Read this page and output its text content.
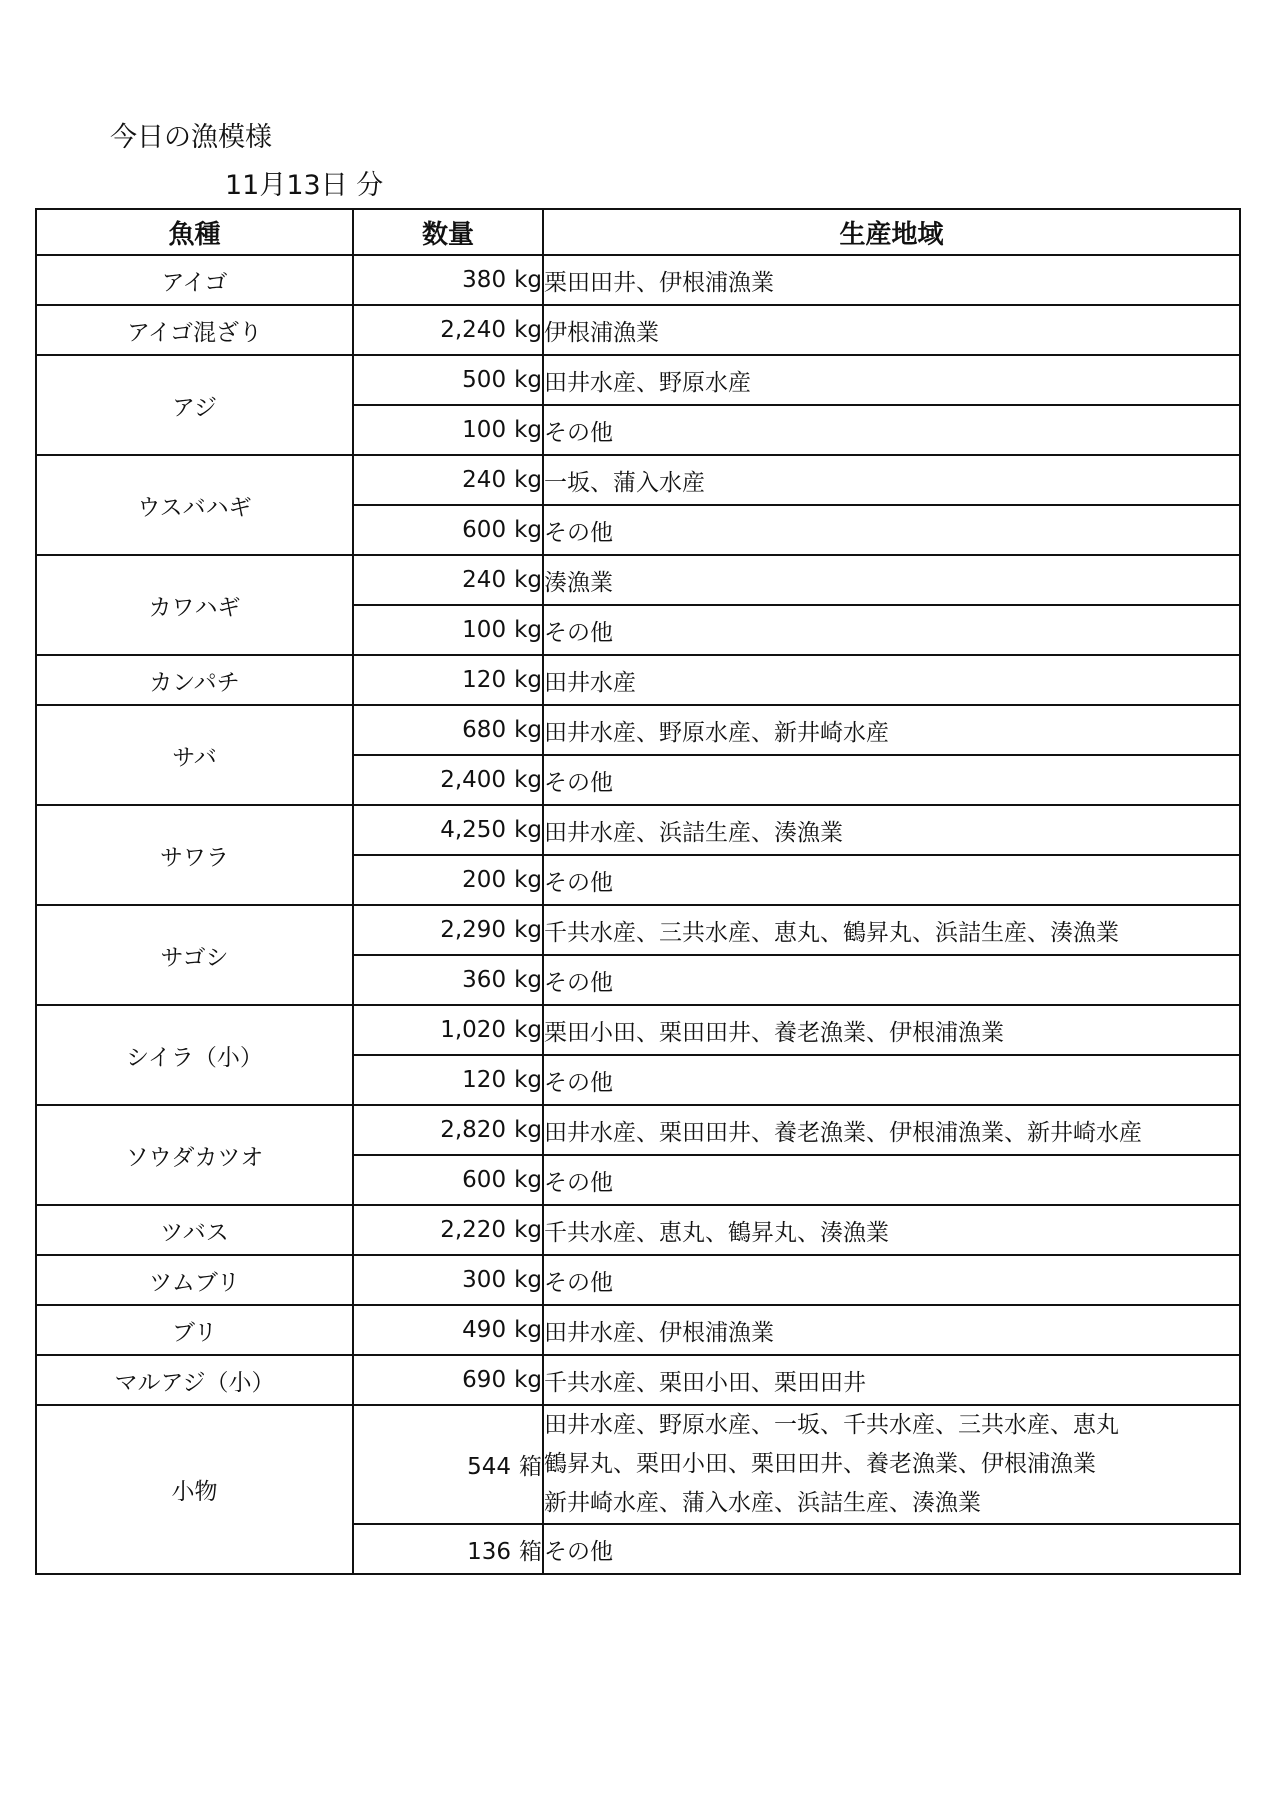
今日の漁模様
11月13日 分
魚種	数量	生産地域
アイゴ	380 kg	栗田田井、伊根浦漁業

アイゴ混ざり	2,240 kg	伊根浦漁業

アジ	500 kg	田井水産、野原水産

	100 kg	その他

ウスバハギ	240 kg	一坂、蒲入水産

	600 kg	その他

カワハギ	240 kg	湊漁業

	100 kg	その他

カンパチ	120 kg	田井水産

サバ	680 kg	田井水産、野原水産、新井崎水産

	2,400 kg	その他

サワラ	4,250 kg	田井水産、浜詰生産、湊漁業

	200 kg	その他

サゴシ	2,290 kg	千共水産、三共水産、恵丸、鶴昇丸、浜詰生産、湊漁業

	360 kg	その他

シイラ（小）	1,020 kg	栗田小田、栗田田井、養老漁業、伊根浦漁業

	120 kg	その他

ソウダカツオ	2,820 kg	田井水産、栗田田井、養老漁業、伊根浦漁業、新井崎水産

	600 kg	その他

ツバス	2,220 kg	千共水産、恵丸、鶴昇丸、湊漁業

ツムブリ	300 kg	その他

ブリ	490 kg	田井水産、伊根浦漁業

マルアジ（小）	690 kg	千共水産、栗田小田、栗田田井

小物	544 箱	田井水産、野原水産、一坂、千共水産、三共水産、恵丸
鶴昇丸、栗田小田、栗田田井、養老漁業、伊根浦漁業
新井崎水産、蒲入水産、浜詰生産、湊漁業

	136 箱	その他
